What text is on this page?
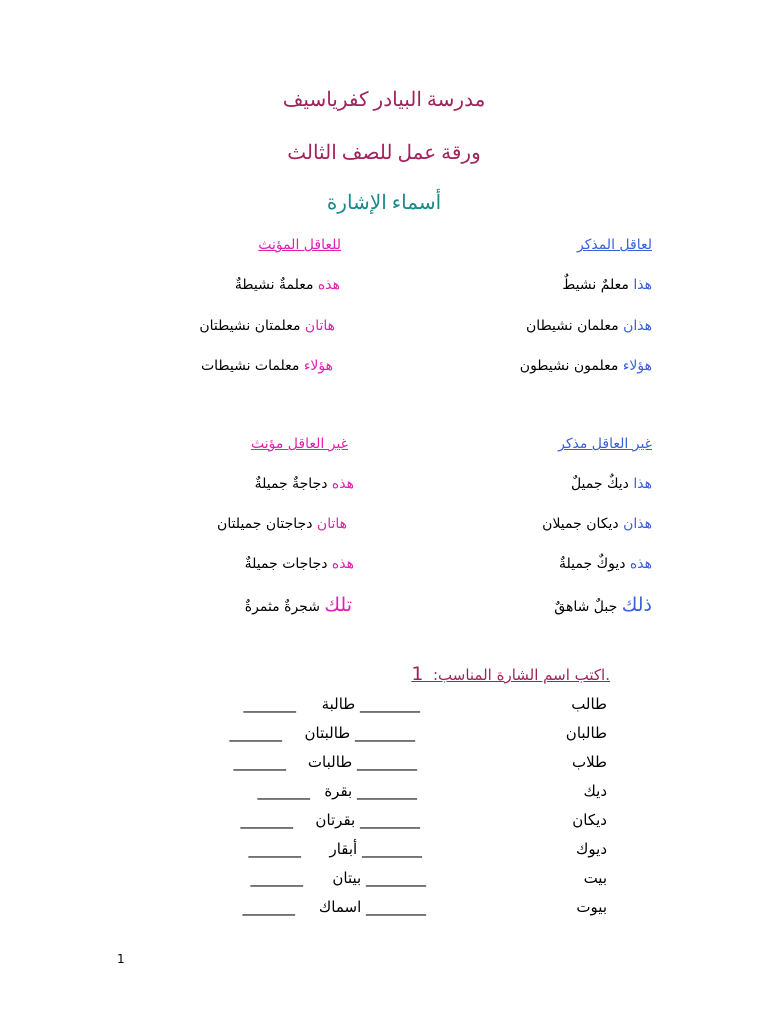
مدرسة البيادر كفرياسيف
ورقة عمل للصف الثالث
أسماء الإشارة
لعاقل المذكر
للعاقل المؤنث
هذا معلمٌ نشيطٌ
هذان معلمان نشيطان
هؤلاء معلمون نشيطون
هذه معلمةٌ نشيطةٌ
هاتان معلمتان نشيطتان
هؤلاء معلمات نشيطات
غير العاقل مذكر
غير العاقل مؤنث
هذا ديكٌ جميلٌ
هذان ديكان جميلان
هذه ديوكٌ جميلةٌ
ذلك جبلٌ شاهقٌ
هذه دجاجةٌ جميلةٌ
هاتان دجاجتان جميلتان
هذه دجاجات جميلةٌ
تلك شجرةٌ مثمرةٌ
.اكتب اسم الشارة المناسب:  1
طالب
________ طالبة
_______
طالبان
________ طالبتان
_______
طلاب
________ طالبات
_______
ديك
________ بقرة
_______
ديكان
________ بقرتان
_______
ديوك
________ أبقار
_______
بيت
________ بيتان
_______
بيوت
________ اسماك
_______
1
